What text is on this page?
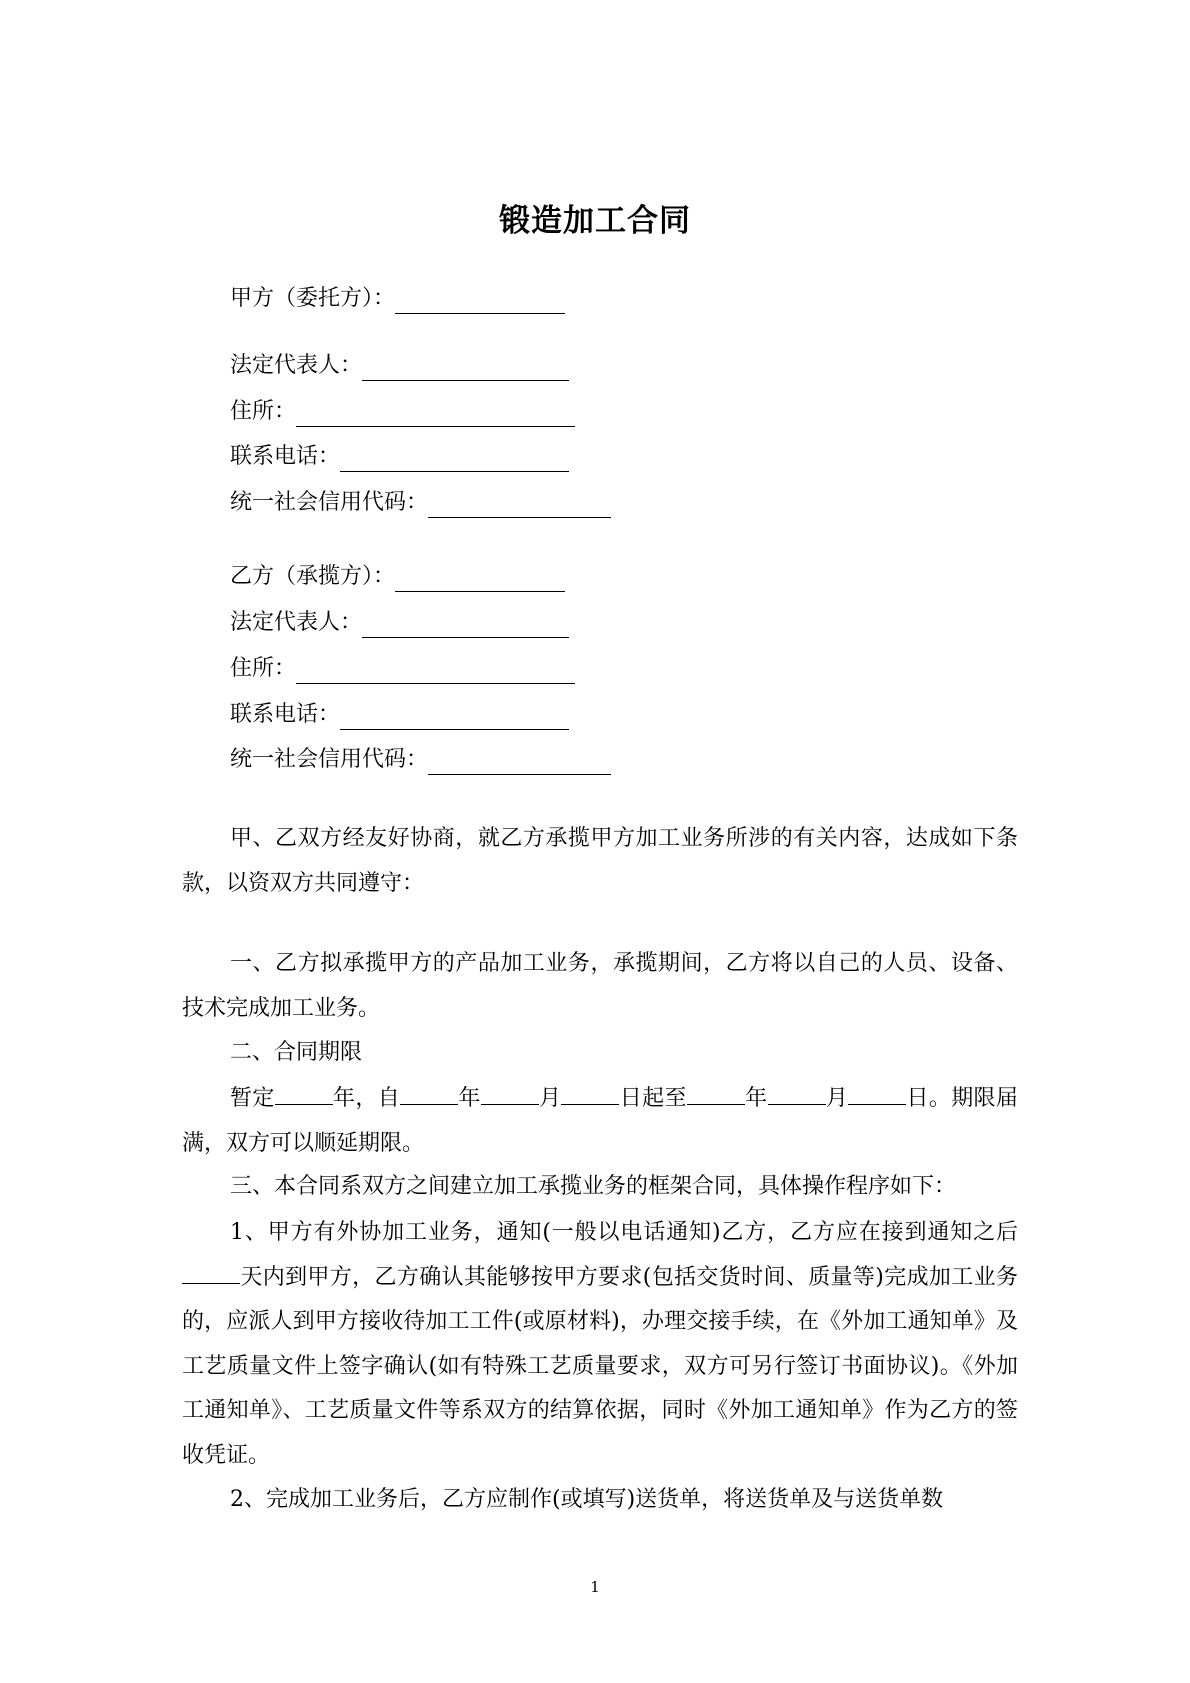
锻造加工合同
甲方（委托方）：
法定代表人：
住所：
联系电话：
统一社会信用代码：
乙方（承揽方）：
法定代表人：
住所：
联系电话：
统一社会信用代码：
甲、乙双方经友好协商，就乙方承揽甲方加工业务所涉的有关内容，达成如下条款，以资双方共同遵守：
一、乙方拟承揽甲方的产品加工业务，承揽期间，乙方将以自己的人员、设备、技术完成加工业务。
二、合同期限
暂定	年，自	年	月	日起至	年	月	日。期限届满，双方可以顺延期限。
三、本合同系双方之间建立加工承揽业务的框架合同，具体操作程序如下：
1、甲方有外协加工业务，通知(一般以电话通知)乙方，乙方应在接到通知之后天内到甲方，乙方确认其能够按甲方要求(包括交货时间、质量等)完成加工业务的，应派人到甲方接收待加工工件(或原材料)，办理交接手续，在《外加工通知单》及工艺质量文件上签字确认(如有特殊工艺质量要求，双方可另行签订书面协议)。《外加工通知单》、工艺质量文件等系双方的结算依据，同时《外加工通知单》作为乙方的签收凭证。
2、完成加工业务后，乙方应制作(或填写)送货单，将送货单及与送货单数
1
